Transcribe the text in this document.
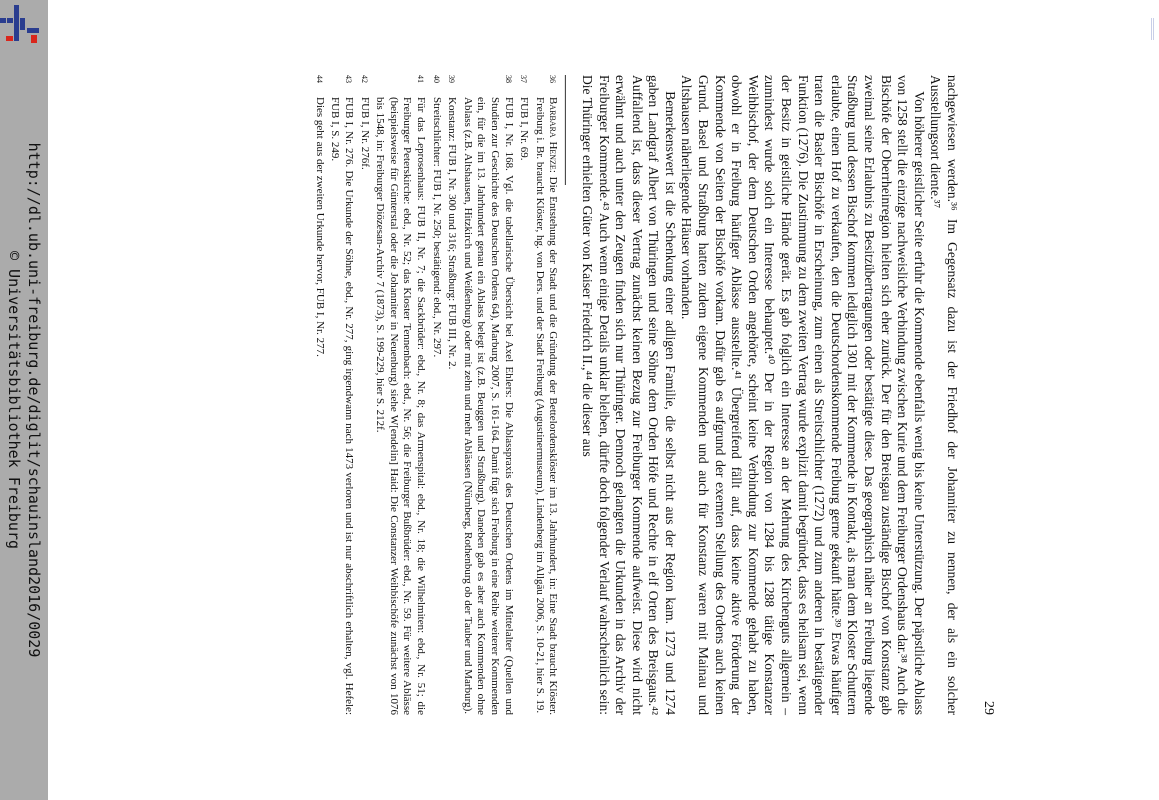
http://dl.ub.uni-freiburg.de/diglit/schauinsland2016/0029
© Universitätsbibliothek Freiburg
29

nachgewiesen werden.³⁶ Im Gegensatz dazu ist der Friedhof der Johanniter zu nennen, der als ein solcher Ausstellungsort diente.³⁷

Von höherer geistlicher Seite erfuhr die Kommende ebenfalls wenig bis keine Unterstützung. Der päpstliche Ablass von 1258 stellt die einzige nachweisliche Verbindung zwischen Kurie und dem Freiburger Ordenshaus dar.³⁸ Auch die Bischöfe der Oberrheinregion hielten sich eher zurück. Der für den Breisgau zuständige Bischof von Konstanz gab zweimal seine Erlaubnis zu Besitzübertragungen oder bestätigte diese. Das geographisch näher an Freiburg liegende Straßburg und dessen Bischof kommen lediglich 1301 mit der Kommende in Kontakt, als man dem Kloster Schuttern erlaubte, einen Hof zu verkaufen, den die Deutschordenskommende Freiburg gerne gekauft hätte.³⁹ Etwas häufiger traten die Basler Bischöfe in Erscheinung, zum einen als Streitschlichter (1272) und zum anderen in bestätigender Funktion (1276). Die Zustimmung zu dem zweiten Vertrag wurde explizit damit begründet, dass es heilsam sei, wenn der Besitz in geistliche Hände gerät. Es gab folglich ein Interesse an der Mehrung des Kirchenguts allgemein – zumindest wurde solch ein Interesse behauptet.⁴⁰ Der in der Region von 1284 bis 1288 tätige Konstanzer Weihbischof, der dem Deutschen Orden angehörte, scheint keine Verbindung zur Kommende gehabt zu haben, obwohl er in Freiburg häufiger Ablässe ausstellte.⁴¹ Übergreifend fällt auf, dass keine aktive Förderung der Kommende von Seiten der Bischöfe vorkam. Dafür gab es aufgrund der exemten Stellung des Ordens auch keinen Grund. Basel und Straßburg hatten zudem eigene Kommenden und auch für Konstanz waren mit Mainau und Altshausen näherliegende Häuser vorhanden.

Bemerkenswert ist die Schenkung einer adligen Familie, die selbst nicht aus der Region kam. 1273 und 1274 gaben Landgraf Albert von Thüringen und seine Söhne dem Orden Höfe und Rechte in elf Orten des Breisgaus.⁴² Auffallend ist, dass dieser Vertrag zunächst keinen Bezug zur Freiburger Kommende aufweist. Diese wird nicht erwähnt und auch unter den Zeugen finden sich nur Thüringer. Dennoch gelangten die Urkunden in das Archiv der Freiburger Kommende.⁴³ Auch wenn einige Details unklar bleiben, dürfte doch folgender Verlauf wahrscheinlich sein: Die Thüringer erhielten Güter von Kaiser Friedrich II.,⁴⁴ die dieser aus

36
Barbara Henze: Die Entstehung der Stadt und die Gründung der Bettelordensklöster im 13. Jahrhundert, in: Eine Stadt braucht Klöster. Freiburg i. Br. braucht Klöster, hg. von Ders. und der Stadt Freiburg (Augustinermuseum), Lindenberg im Allgäu 2006, S. 10-21, hier S. 19.
37
FUB I, Nr. 69.
38
FUB I, Nr. 168. Vgl. die tabellarische Übersicht bei Axel Ehlers: Die Ablasspraxis des Deutschen Ordens im Mittelalter (Quellen und Studien zur Geschichte des Deutschen Ordens 64), Marburg 2007, S. 161-164. Damit fügt sich Freiburg in eine Reihe weiterer Kommenden ein, für die im 13. Jahrhundert genau ein Ablass belegt ist (z.B. Beuggen und Straßburg). Daneben gab es aber auch Kommenden ohne Ablass (z.B. Altshausen, Hitzkirch und Weißenburg) oder mit zehn und mehr Ablässen (Nürnberg, Rothenburg ob der Tauber und Marburg).
39
Konstanz: FUB I, Nr. 300 und 316; Straßburg: FUB III, Nr. 2.
40
Streitschlichter: FUB I, Nr. 250; bestätigend: ebd., Nr. 297.
41
Für das Leprosenhaus: FUB II, Nr. 7; die Sackbrüder: ebd., Nr. 8; das Armenspital: ebd., Nr. 18; die Wilhelmiten: ebd., Nr. 51; die Freiburger Peterskirche: ebd., Nr. 52; das Kloster Tennenbach: ebd., Nr. 56; die Freiburger Bußbrüder: ebd., Nr. 59. Für weitere Ablässe (beispielsweise für Günterstal oder die Johanniter in Neuenburg) siehe W[endelin] Haid: Die Constanzer Weihbischöfe zunächst von 1076 bis 1548, in: Freiburger Diözesan-Archiv 7 (1873), S. 199-229, hier S. 212f.
42
FUB I, Nr. 276f.
43
FUB I, Nr. 276. Die Urkunde der Söhne, ebd., Nr. 277, ging irgendwann nach 1473 verloren und ist nur abschriftlich erhalten, vgl. Hefele: FUB I, S. 249.
44
Dies geht aus der zweiten Urkunde hervor, FUB I, Nr. 277.
